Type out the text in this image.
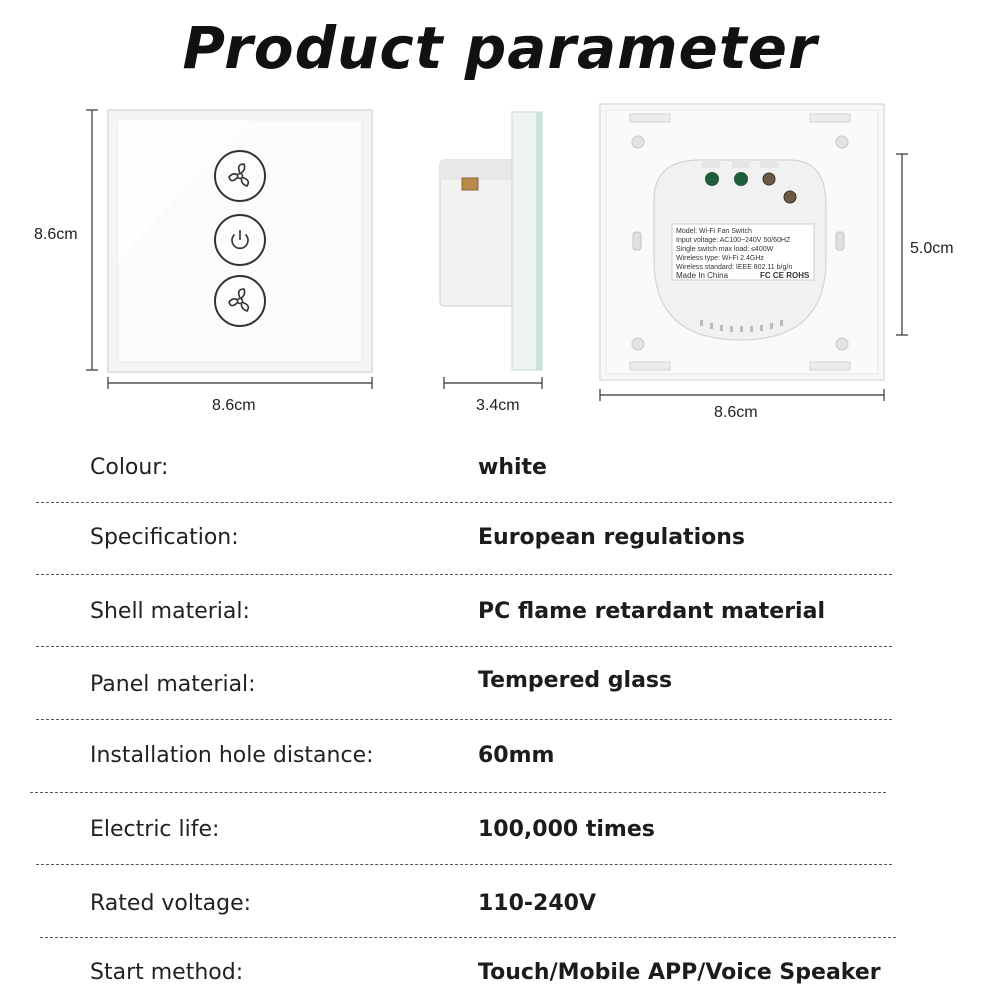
Product parameter
Model: Wi-Fi Fan Switch
Input voltage: AC100~240V 50/60HZ
Single switch max load: ≤400W
Wireless type: Wi-Fi 2.4GHz
Wireless standard: IEEE 802.11 b/g/n
Made In China	FC CE ROHS
8.6cm
8.6cm	3.4cm	8.6cm
5.0cm
Colour:	white
Specification:	European regulations
Shell material:	PC flame retardant material
Panel material:	Tempered glass
Installation hole distance:	60mm
Electric life:	100,000 times
Rated voltage:	110-240V
Start method:	Touch/Mobile APP/Voice Speaker
